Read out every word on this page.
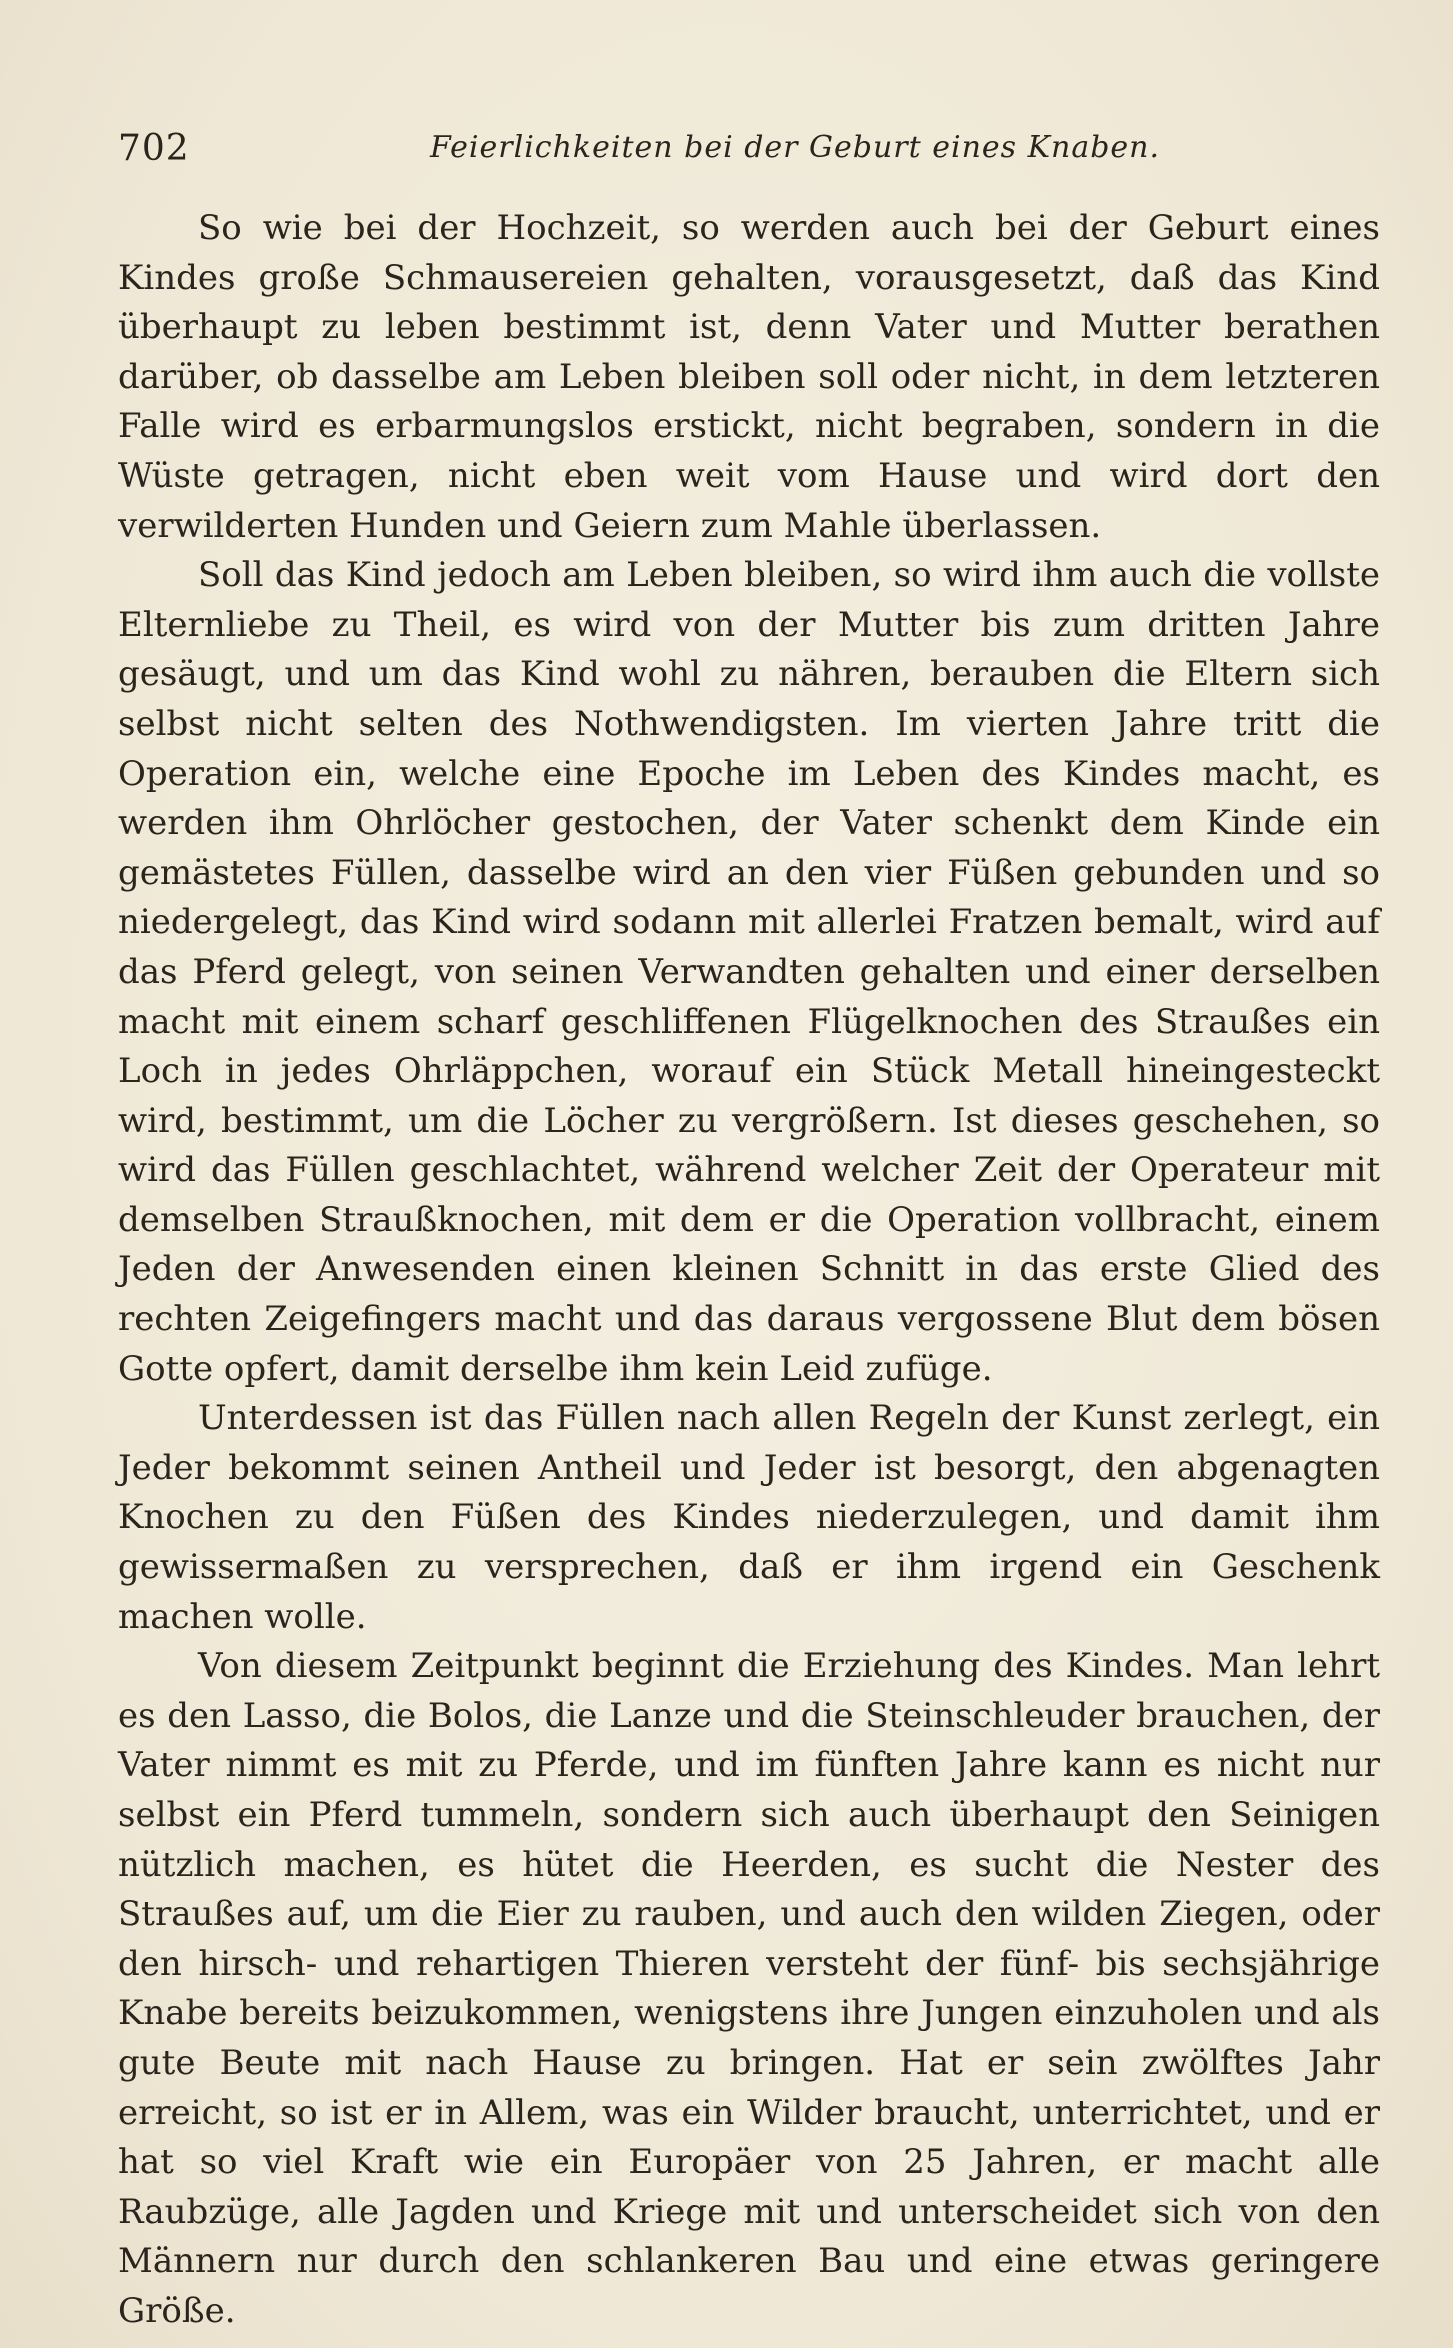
702	Feierlichkeiten bei der Geburt eines Knaben.

So wie bei der Hochzeit, so werden auch bei der Geburt eines Kindes große Schmausereien gehalten, vorausgesetzt, daß das Kind überhaupt zu leben bestimmt ist, denn Vater und Mutter berathen darüber, ob dasselbe am Leben bleiben soll oder nicht, in dem letzteren Falle wird es erbarmungslos erstickt, nicht begraben, sondern in die Wüste getragen, nicht eben weit vom Hause und wird dort den verwilderten Hunden und Geiern zum Mahle überlassen.

Soll das Kind jedoch am Leben bleiben, so wird ihm auch die vollste Elternliebe zu Theil, es wird von der Mutter bis zum dritten Jahre gesäugt, und um das Kind wohl zu nähren, berauben die Eltern sich selbst nicht selten des Nothwendigsten. Im vierten Jahre tritt die Operation ein, welche eine Epoche im Leben des Kindes macht, es werden ihm Ohrlöcher gestochen, der Vater schenkt dem Kinde ein gemästetes Füllen, dasselbe wird an den vier Füßen gebunden und so niedergelegt, das Kind wird sodann mit allerlei Fratzen bemalt, wird auf das Pferd gelegt, von seinen Verwandten gehalten und einer derselben macht mit einem scharf geschliffenen Flügelknochen des Straußes ein Loch in jedes Ohrläppchen, worauf ein Stück Metall hineingesteckt wird, bestimmt, um die Löcher zu vergrößern. Ist dieses geschehen, so wird das Füllen geschlachtet, während welcher Zeit der Operateur mit demselben Straußknochen, mit dem er die Operation vollbracht, einem Jeden der Anwesenden einen kleinen Schnitt in das erste Glied des rechten Zeigefingers macht und das daraus vergossene Blut dem bösen Gotte opfert, damit derselbe ihm kein Leid zufüge.

Unterdessen ist das Füllen nach allen Regeln der Kunst zerlegt, ein Jeder bekommt seinen Antheil und Jeder ist besorgt, den abgenagten Knochen zu den Füßen des Kindes niederzulegen, und damit ihm gewissermaßen zu versprechen, daß er ihm irgend ein Geschenk machen wolle.

Von diesem Zeitpunkt beginnt die Erziehung des Kindes. Man lehrt es den Lasso, die Bolos, die Lanze und die Steinschleuder brauchen, der Vater nimmt es mit zu Pferde, und im fünften Jahre kann es nicht nur selbst ein Pferd tummeln, sondern sich auch überhaupt den Seinigen nützlich machen, es hütet die Heerden, es sucht die Nester des Straußes auf, um die Eier zu rauben, und auch den wilden Ziegen, oder den hirsch- und rehartigen Thieren versteht der fünf- bis sechsjährige Knabe bereits beizukommen, wenigstens ihre Jungen einzuholen und als gute Beute mit nach Hause zu bringen. Hat er sein zwölftes Jahr erreicht, so ist er in Allem, was ein Wilder braucht, unterrichtet, und er hat so viel Kraft wie ein Europäer von 25 Jahren, er macht alle Raubzüge, alle Jagden und Kriege mit und unterscheidet sich von den Männern nur durch den schlankeren Bau und eine etwas geringere Größe.
